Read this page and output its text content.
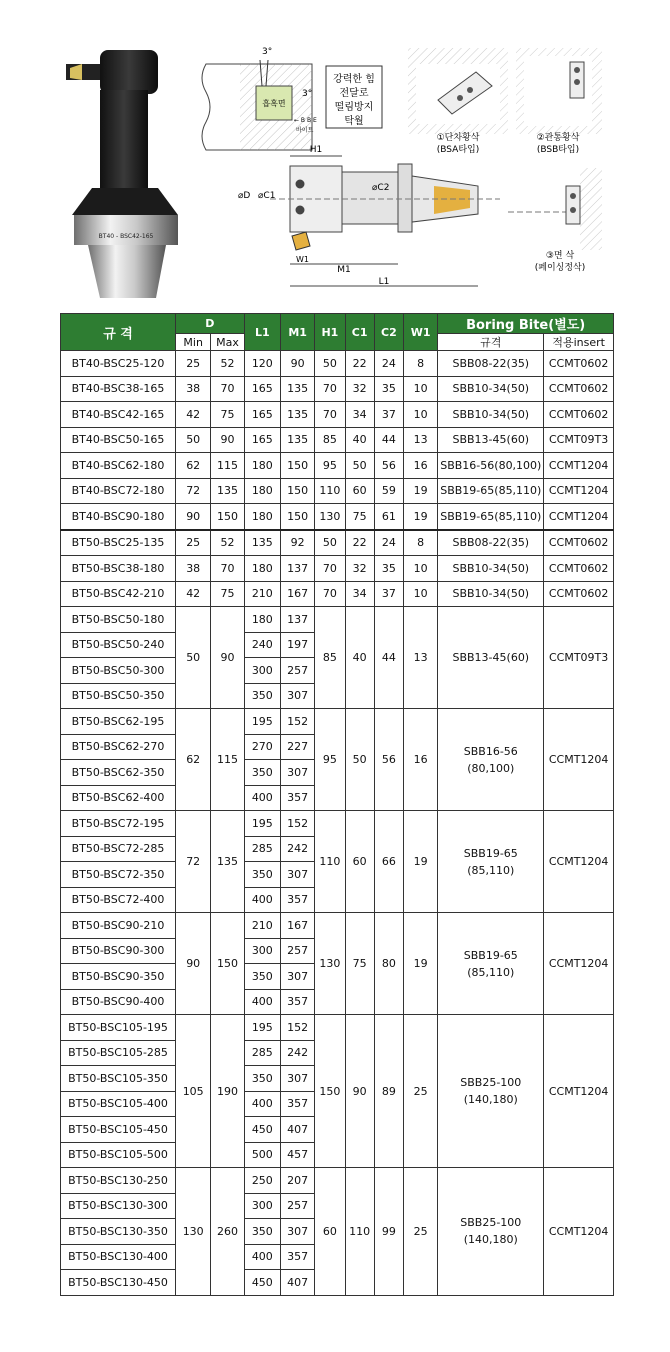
BT40 - BSC42-165
3°
3°
흡혹면
← B B E
바이트
강력한 힘
전달로
떨림방지
탁월
H1
⌀D ⌀C1
⌀C2
W1
M1
L1
①단차황삭
(BSA타입)
②관통황삭
(BSB타입)
③면 삭
(페이싱정삭)
규 격	D		L1	M1	H1	C1	C2	W1	Boring Bite(별도)	
	Min	Max							규격	적용insert
BT40-BSC25-120	25	52	120	90	50	22	24	8	SBB08-22(35)	CCMT0602
BT40-BSC38-165	38	70	165	135	70	32	35	10	SBB10-34(50)	CCMT0602
BT40-BSC42-165	42	75	165	135	70	34	37	10	SBB10-34(50)	CCMT0602
BT40-BSC50-165	50	90	165	135	85	40	44	13	SBB13-45(60)	CCMT09T3
BT40-BSC62-180	62	115	180	150	95	50	56	16	SBB16-56(80,100)	CCMT1204
BT40-BSC72-180	72	135	180	150	110	60	59	19	SBB19-65(85,110)	CCMT1204
BT40-BSC90-180	90	150	180	150	130	75	61	19	SBB19-65(85,110)	CCMT1204
BT50-BSC25-135	25	52	135	92	50	22	24	8	SBB08-22(35)	CCMT0602
BT50-BSC38-180	38	70	180	137	70	32	35	10	SBB10-34(50)	CCMT0602
BT50-BSC42-210	42	75	210	167	70	34	37	10	SBB10-34(50)	CCMT0602
BT50-BSC50-180	50	90	180	137	85	40	44	13	SBB13-45(60)	CCMT09T3
BT50-BSC50-240			240	197						
BT50-BSC50-300			300	257						
BT50-BSC50-350			350	307						
BT50-BSC62-195	62	115	195	152	95	50	56	16	SBB16-56
(80,100)	CCMT1204
BT50-BSC62-270			270	227						
BT50-BSC62-350			350	307						
BT50-BSC62-400			400	357						
BT50-BSC72-195	72	135	195	152	110	60	66	19	SBB19-65
(85,110)	CCMT1204
BT50-BSC72-285			285	242						
BT50-BSC72-350			350	307						
BT50-BSC72-400			400	357						
BT50-BSC90-210	90	150	210	167	130	75	80	19	SBB19-65
(85,110)	CCMT1204
BT50-BSC90-300			300	257						
BT50-BSC90-350			350	307						
BT50-BSC90-400			400	357						
BT50-BSC105-195	105	190	195	152	150	90	89	25	SBB25-100
(140,180)	CCMT1204
BT50-BSC105-285			285	242						
BT50-BSC105-350			350	307						
BT50-BSC105-400			400	357						
BT50-BSC105-450			450	407						
BT50-BSC105-500			500	457						
BT50-BSC130-250	130	260	250	207	60	110	99	25	SBB25-100
(140,180)	CCMT1204
BT50-BSC130-300			300	257						
BT50-BSC130-350			350	307						
BT50-BSC130-400			400	357						
BT50-BSC130-450			450	407						
